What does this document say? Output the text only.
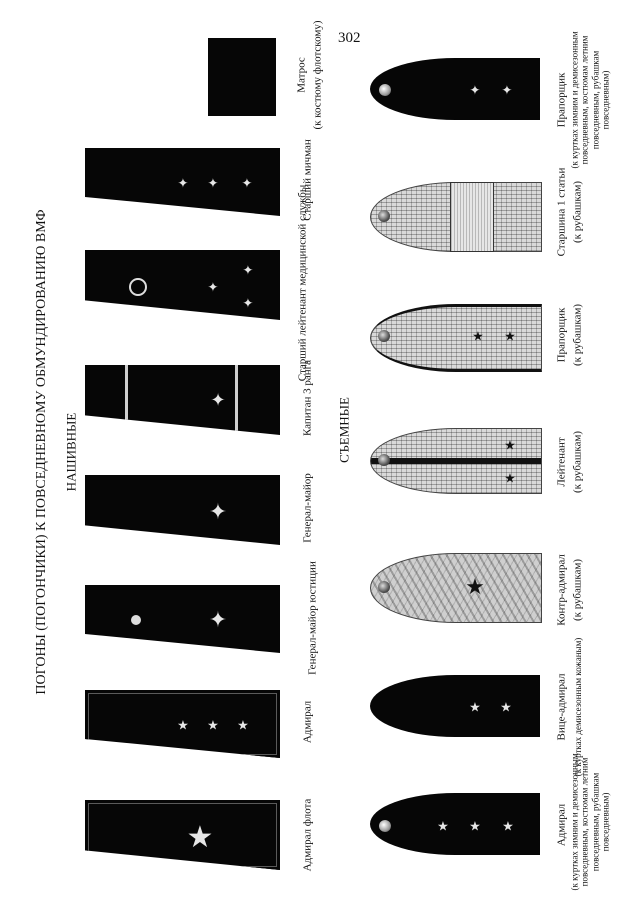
302
ПОГОНЫ (ПОГОНЧИКИ) К ПОВСЕДНЕВНОМУ ОБМУНДИРОВАНИЮ ВМФ НАШИВНЫЕ	СЪЕМНЫЕ
★	Адмирал флота
★ ★ ★	Адмирал
✦	Генерал-майор юстиции
✦	Генерал-майор
✦	Капитан 3 ранга
✦
✦
✦	Старший лейтенант медицинской службы
✦ ✦ ✦	Старший мичман
Матрос (к костюму флотскому)
★ ★ ★	Адмирал (к куртках зимним и демисезонным повседневным, костюмам летним повседневным, рубашкам повседневным)
★ ★	Вице-адмирал (к куртках демисезонным кожаным)
★	Контр-адмирал (к рубашкам)
★
★	Лейтенант (к рубашкам)
★ ★	Прапорщик (к рубашкам)
Старшина 1 статьи (к рубашкам)
✦ ✦	Прапорщик (к куртках зимним и демисезонным повседневным, костюмам летним повседневным, рубашкам повседневным)
